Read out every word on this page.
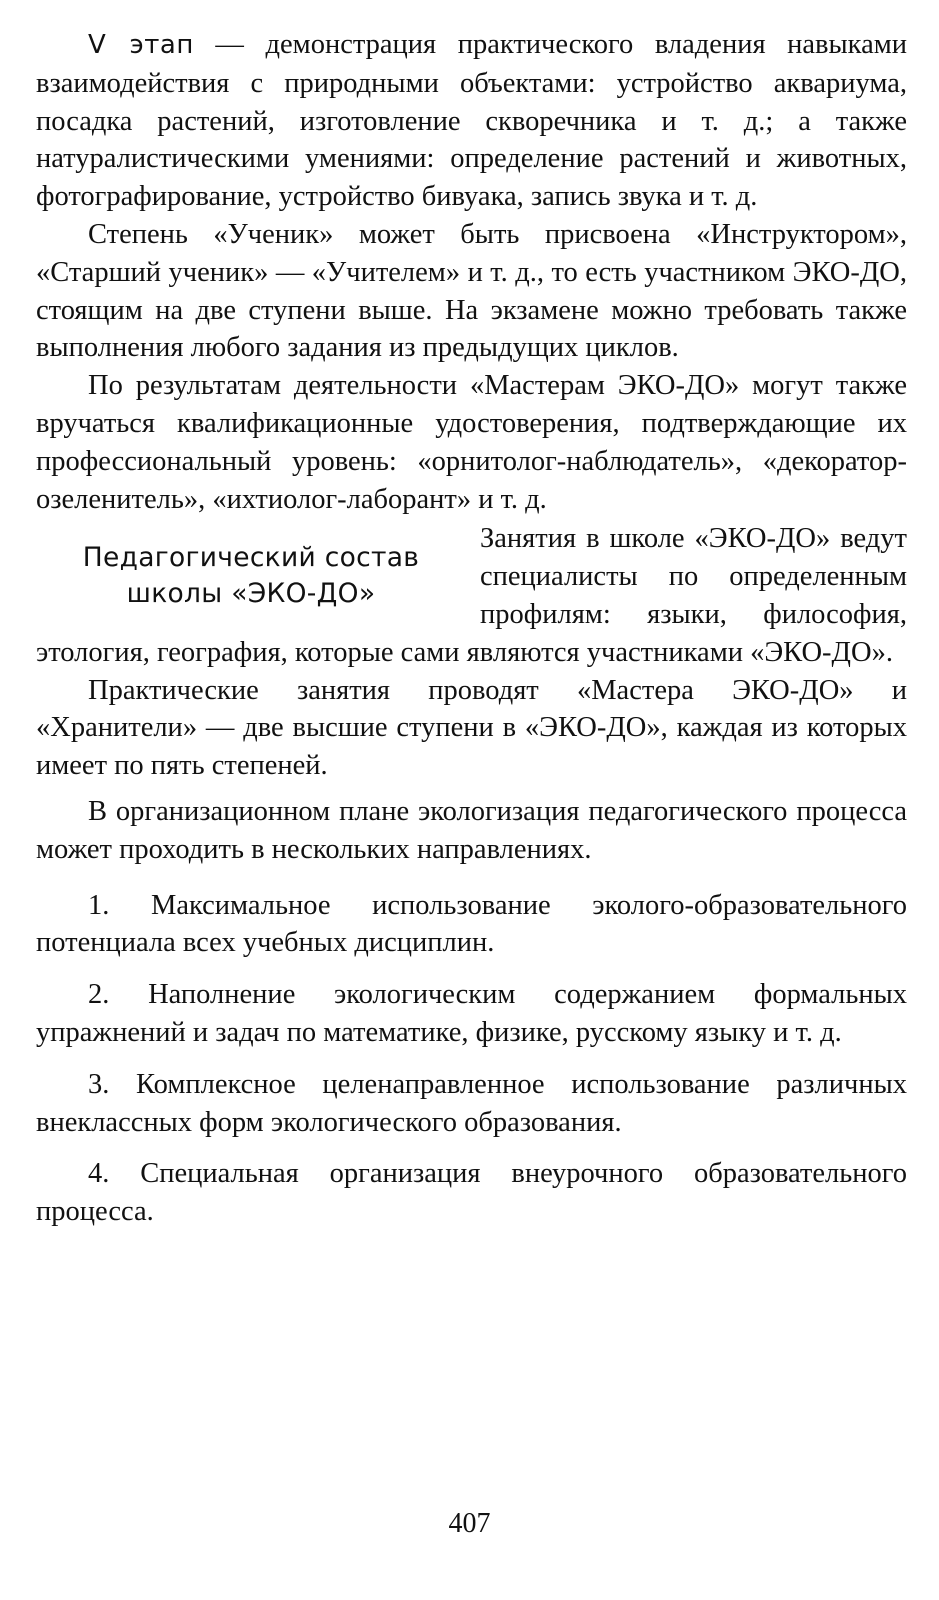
V этап — демонстрация практического владения навыками взаимодействия с природными объектами: устройство аквариума, посадка растений, изготовление скворечника и т. д.; а также натуралистическими умениями: определение растений и животных, фотографирование, устройство бивуака, запись звука и т. д.

Степень «Ученик» может быть присвоена «Инструктором», «Старший ученик» — «Учителем» и т. д., то есть участником ЭКО-ДО, стоящим на две ступени выше. На экзамене можно требовать также выполнения любого задания из предыдущих циклов.

По результатам деятельности «Мастерам ЭКО-ДО» могут также вручаться квалификационные удостоверения, подтверждающие их профессиональный уровень: «орнитолог-наблюдатель», «декоратор-озеленитель», «ихтиолог-лаборант» и т. д.

Педагогический состав
школы «ЭКО-ДО»

Занятия в школе «ЭКО-ДО» ведут специалисты по определенным профилям: языки, философия, этология, география, которые сами являются участниками «ЭКО-ДО».

Практические занятия проводят «Мастера ЭКО-ДО» и «Хранители» — две высшие ступени в «ЭКО-ДО», каждая из которых имеет по пять степеней.

В организационном плане экологизация педагогического процесса может проходить в нескольких направлениях.

1. Максимальное использование эколого-образовательного потенциала всех учебных дисциплин.

2. Наполнение экологическим содержанием формальных упражнений и задач по математике, физике, русскому языку и т. д.

3. Комплексное целенаправленное использование различных внеклассных форм экологического образования.

4. Специальная организация внеурочного образовательного процесса.

407
